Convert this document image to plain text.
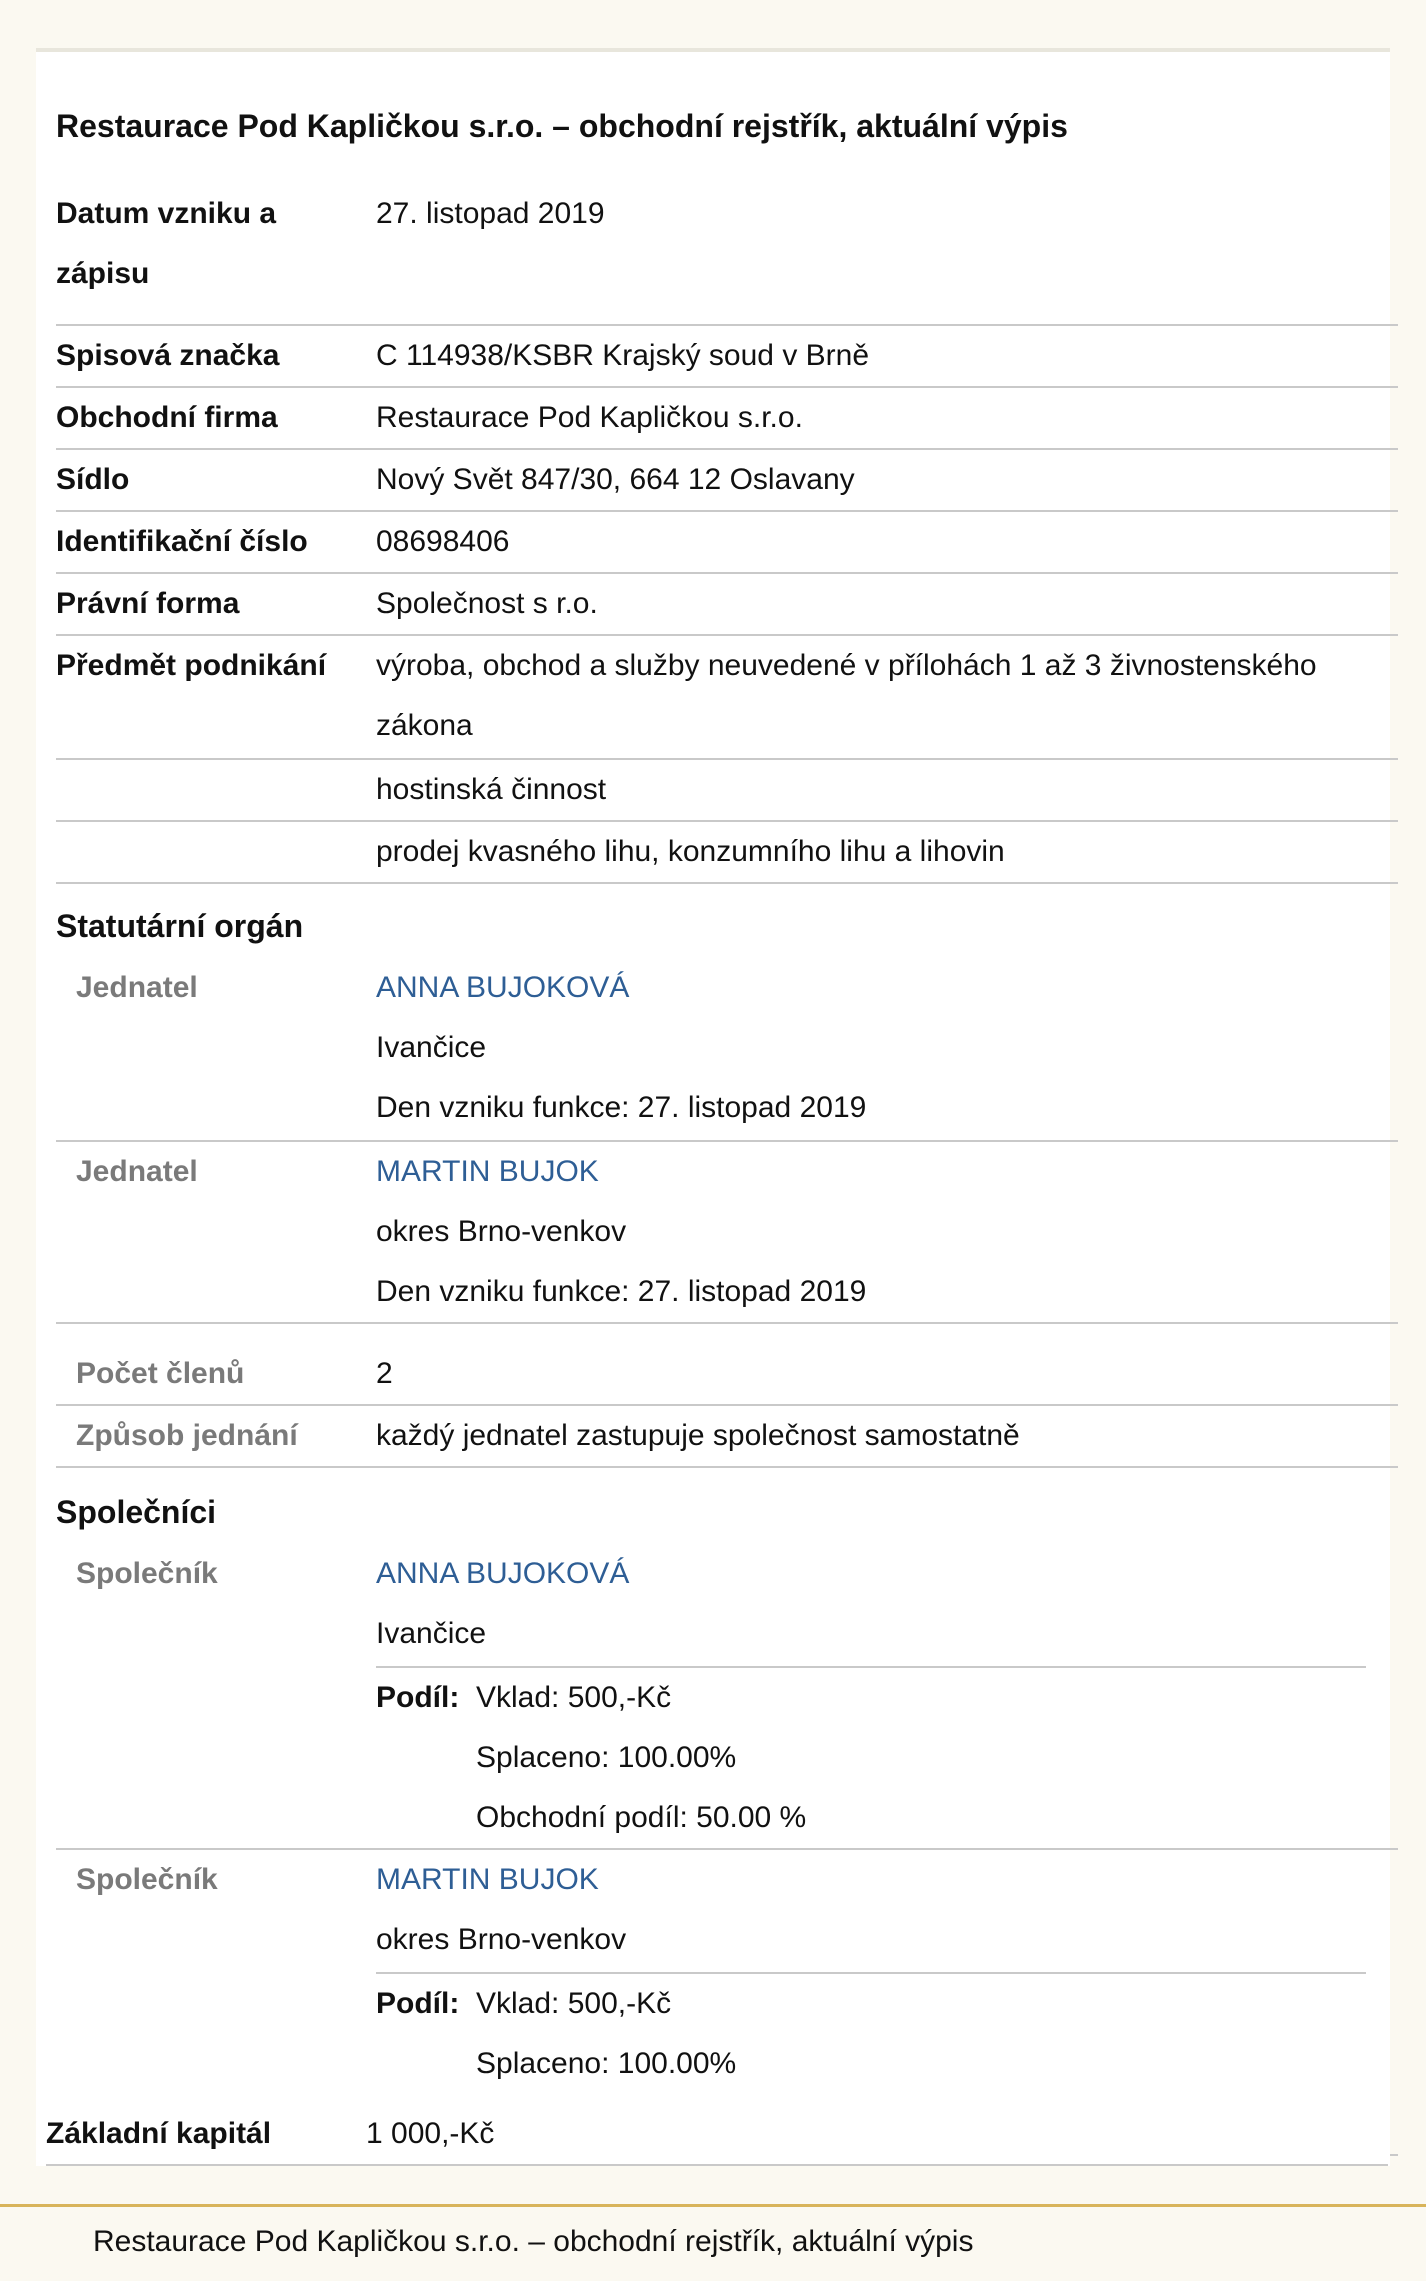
Restaurace Pod Kapličkou s.r.o. – obchodní rejstřík, aktuální výpis
Datum vzniku a
zápisu
27. listopad 2019
Spisová značka	C 114938/KSBR Krajský soud v Brně
Obchodní firma	Restaurace Pod Kapličkou s.r.o.
Sídlo	Nový Svět 847/30, 664 12 Oslavany
Identifikační číslo 08698406
Právní forma	Společnost s r.o.
Předmět podnikání výroba, obchod a služby neuvedené v přílohách 1 až 3 živnostenského
zákona
hostinská činnost
prodej kvasného lihu, konzumního lihu a lihovin
Statutární orgán
Jednatel	ANNA BUJOKOVÁ
Ivančice
Den vzniku funkce: 27. listopad 2019
Jednatel	MARTIN BUJOK
okres Brno-venkov
Den vzniku funkce: 27. listopad 2019
Počet členů	2
Způsob jednání	každý jednatel zastupuje společnost samostatně
Společníci
Společník	ANNA BUJOKOVÁ
Ivančice
Podíl: Vklad: 500,-Kč
Splaceno: 100.00%
Obchodní podíl: 50.00 %
Společník	MARTIN BUJOK
okres Brno-venkov
Podíl: Vklad: 500,-Kč
Splaceno: 100.00%
Základní kapitál	1 000,-Kč
Restaurace Pod Kapličkou s.r.o. – obchodní rejstřík, aktuální výpis
